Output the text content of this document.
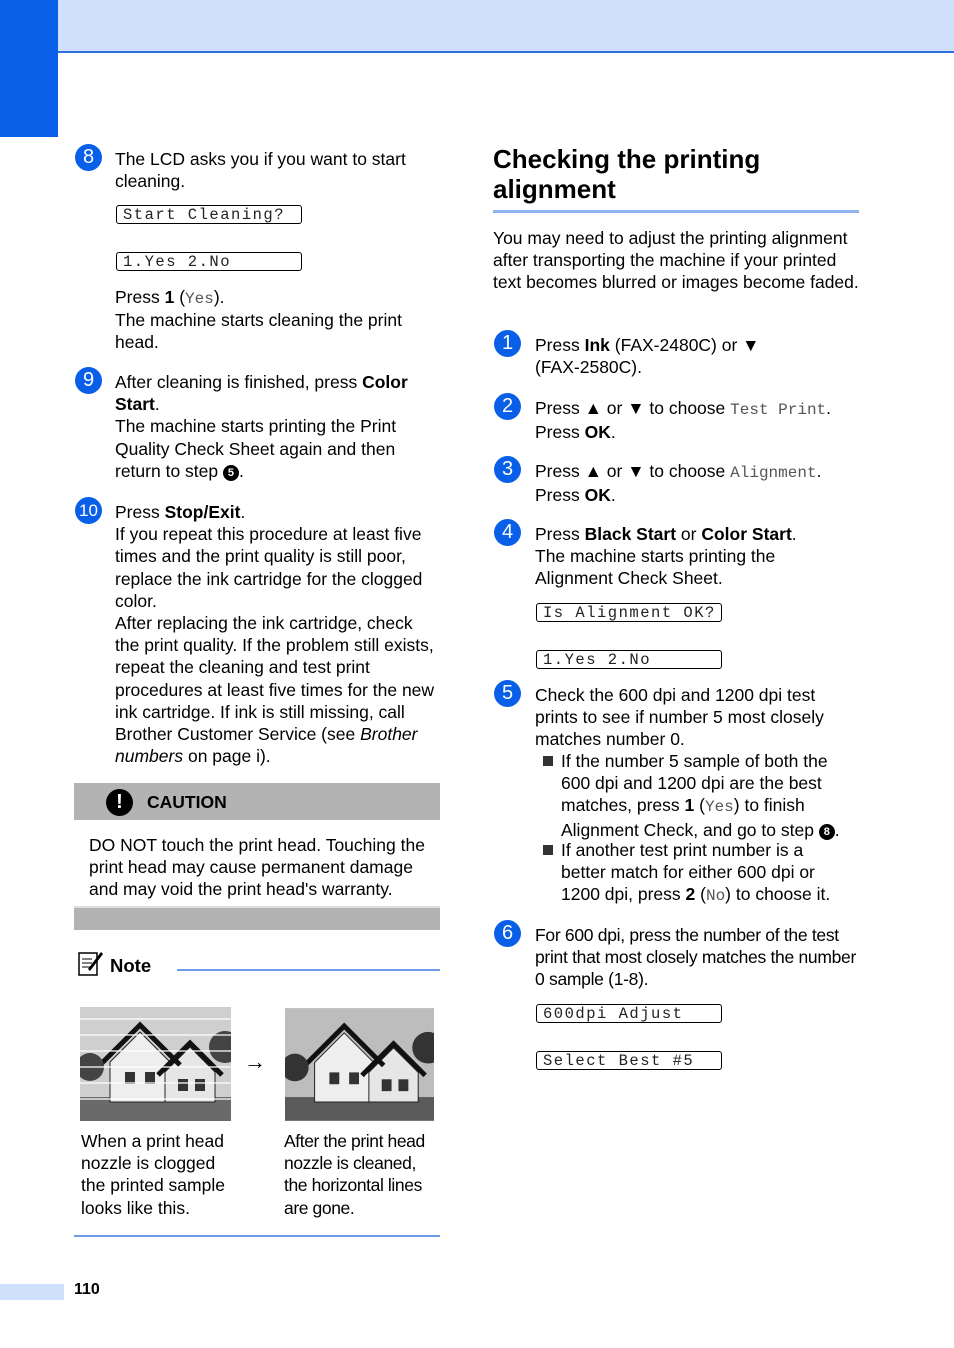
8	The LCD asks you if you want to start cleaning.
Start Cleaning?
1.Yes 2.No
Press 1 (Yes).
The machine starts cleaning the print head.
9	After cleaning is finished, press Color Start.
The machine starts printing the Print Quality Check Sheet again and then return to step 5 .
10 Press Stop/Exit.
If you repeat this procedure at least five times and the print quality is still poor, replace the ink cartridge for the clogged color.
After replacing the ink cartridge, check the print quality. If the problem still exists, repeat the cleaning and test print procedures at least five times for the new ink cartridge. If ink is still missing, call Brother Customer Service (see Brother numbers on page i).
!	CAUTION
DO NOT touch the print head. Touching the print head may cause permanent damage and may void the print head's warranty.
Note
→
When a print head nozzle is clogged the printed sample looks like this.
After the print head nozzle is cleaned, the horizontal lines are gone.
Checking the printing alignment
You may need to adjust the printing alignment after transporting the machine if your printed text becomes blurred or images become faded.
1	Press Ink (FAX-2480C) or ▼ (FAX-2580C).
2	Press ▲ or ▼ to choose Test Print.
Press OK.
3	Press ▲ or ▼ to choose Alignment.
Press OK.
4	Press Black Start or Color Start.
The machine starts printing the Alignment Check Sheet.
Is Alignment OK?
1.Yes 2.No
5	Check the 600 dpi and 1200 dpi test prints to see if number 5 most closely matches number 0.
If the number 5 sample of both the 600 dpi and 1200 dpi are the best matches, press 1 (Yes) to finish Alignment Check, and go to step 8 .
If another test print number is a better match for either 600 dpi or 1200 dpi, press 2 (No) to choose it.
6	For 600 dpi, press the number of the test print that most closely matches the number 0 sample (1-8).
600dpi Adjust
Select Best #5
110
